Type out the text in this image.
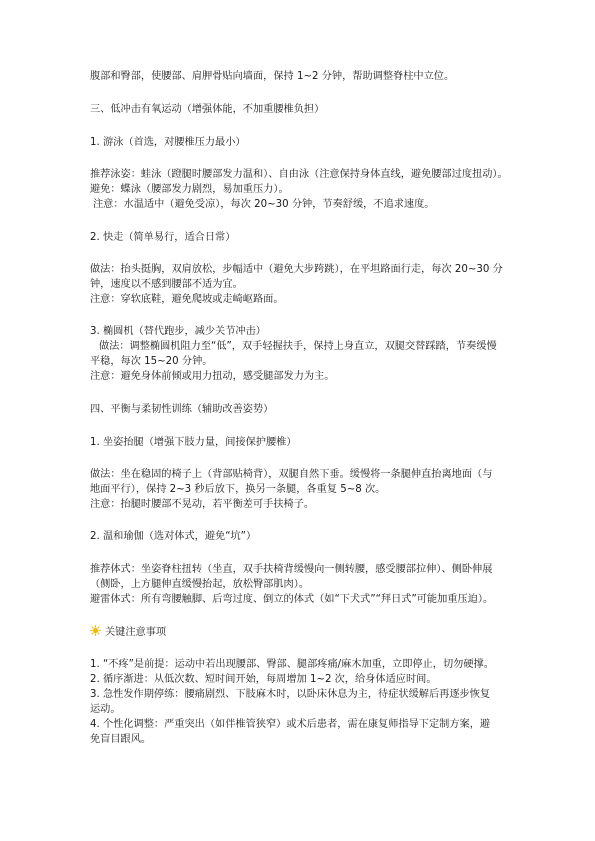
腹部和臀部，使腰部、肩胛骨贴向墙面，保持 1~2 分钟，帮助调整脊柱中立位。

三、低冲击有氧运动（增强体能，不加重腰椎负担）

1. 游泳（首选，对腰椎压力最小）

推荐泳姿：蛙泳（蹬腿时腰部发力温和）、自由泳（注意保持身体直线，避免腰部过度扭动）。

避免：蝶泳（腰部发力剧烈，易加重压力）。

注意：水温适中（避免受凉），每次 20~30 分钟，节奏舒缓，不追求速度。

2. 快走（简单易行，适合日常）

做法：抬头挺胸，双肩放松，步幅适中（避免大步跨跳），在平坦路面行走，每次 20~30 分

钟，速度以不感到腰部不适为宜。

注意：穿软底鞋，避免爬坡或走崎岖路面。

3. 椭圆机（替代跑步，减少关节冲击）

做法：调整椭圆机阻力至“低”，双手轻握扶手，保持上身直立，双腿交替踩踏，节奏缓慢

平稳，每次 15~20 分钟。

注意：避免身体前倾或用力扭动，感受腿部发力为主。

四、平衡与柔韧性训练（辅助改善姿势）

1. 坐姿抬腿（增强下肢力量，间接保护腰椎）

做法：坐在稳固的椅子上（背部贴椅背），双腿自然下垂。缓慢将一条腿伸直抬离地面（与

地面平行），保持 2~3 秒后放下，换另一条腿，各重复 5~8 次。

注意：抬腿时腰部不晃动，若平衡差可手扶椅子。

2. 温和瑜伽（选对体式，避免“坑”）

推荐体式：坐姿脊柱扭转（坐直，双手扶椅背缓慢向一侧转腰，感受腰部拉伸）、侧卧伸展

（侧卧，上方腿伸直缓慢抬起，放松臀部肌肉）。

避雷体式：所有弯腰触脚、后弯过度、倒立的体式（如“下犬式”“拜日式”可能加重压迫）。

关键注意事项

1. “不疼”是前提：运动中若出现腰部、臀部、腿部疼痛/麻木加重，立即停止，切勿硬撑。

2. 循序渐进：从低次数、短时间开始，每周增加 1~2 次，给身体适应时间。

3. 急性发作期停练：腰痛剧烈、下肢麻木时，以卧床休息为主，待症状缓解后再逐步恢复

运动。

4. 个性化调整：严重突出（如伴椎管狭窄）或术后患者，需在康复师指导下定制方案，避

免盲目跟风。
